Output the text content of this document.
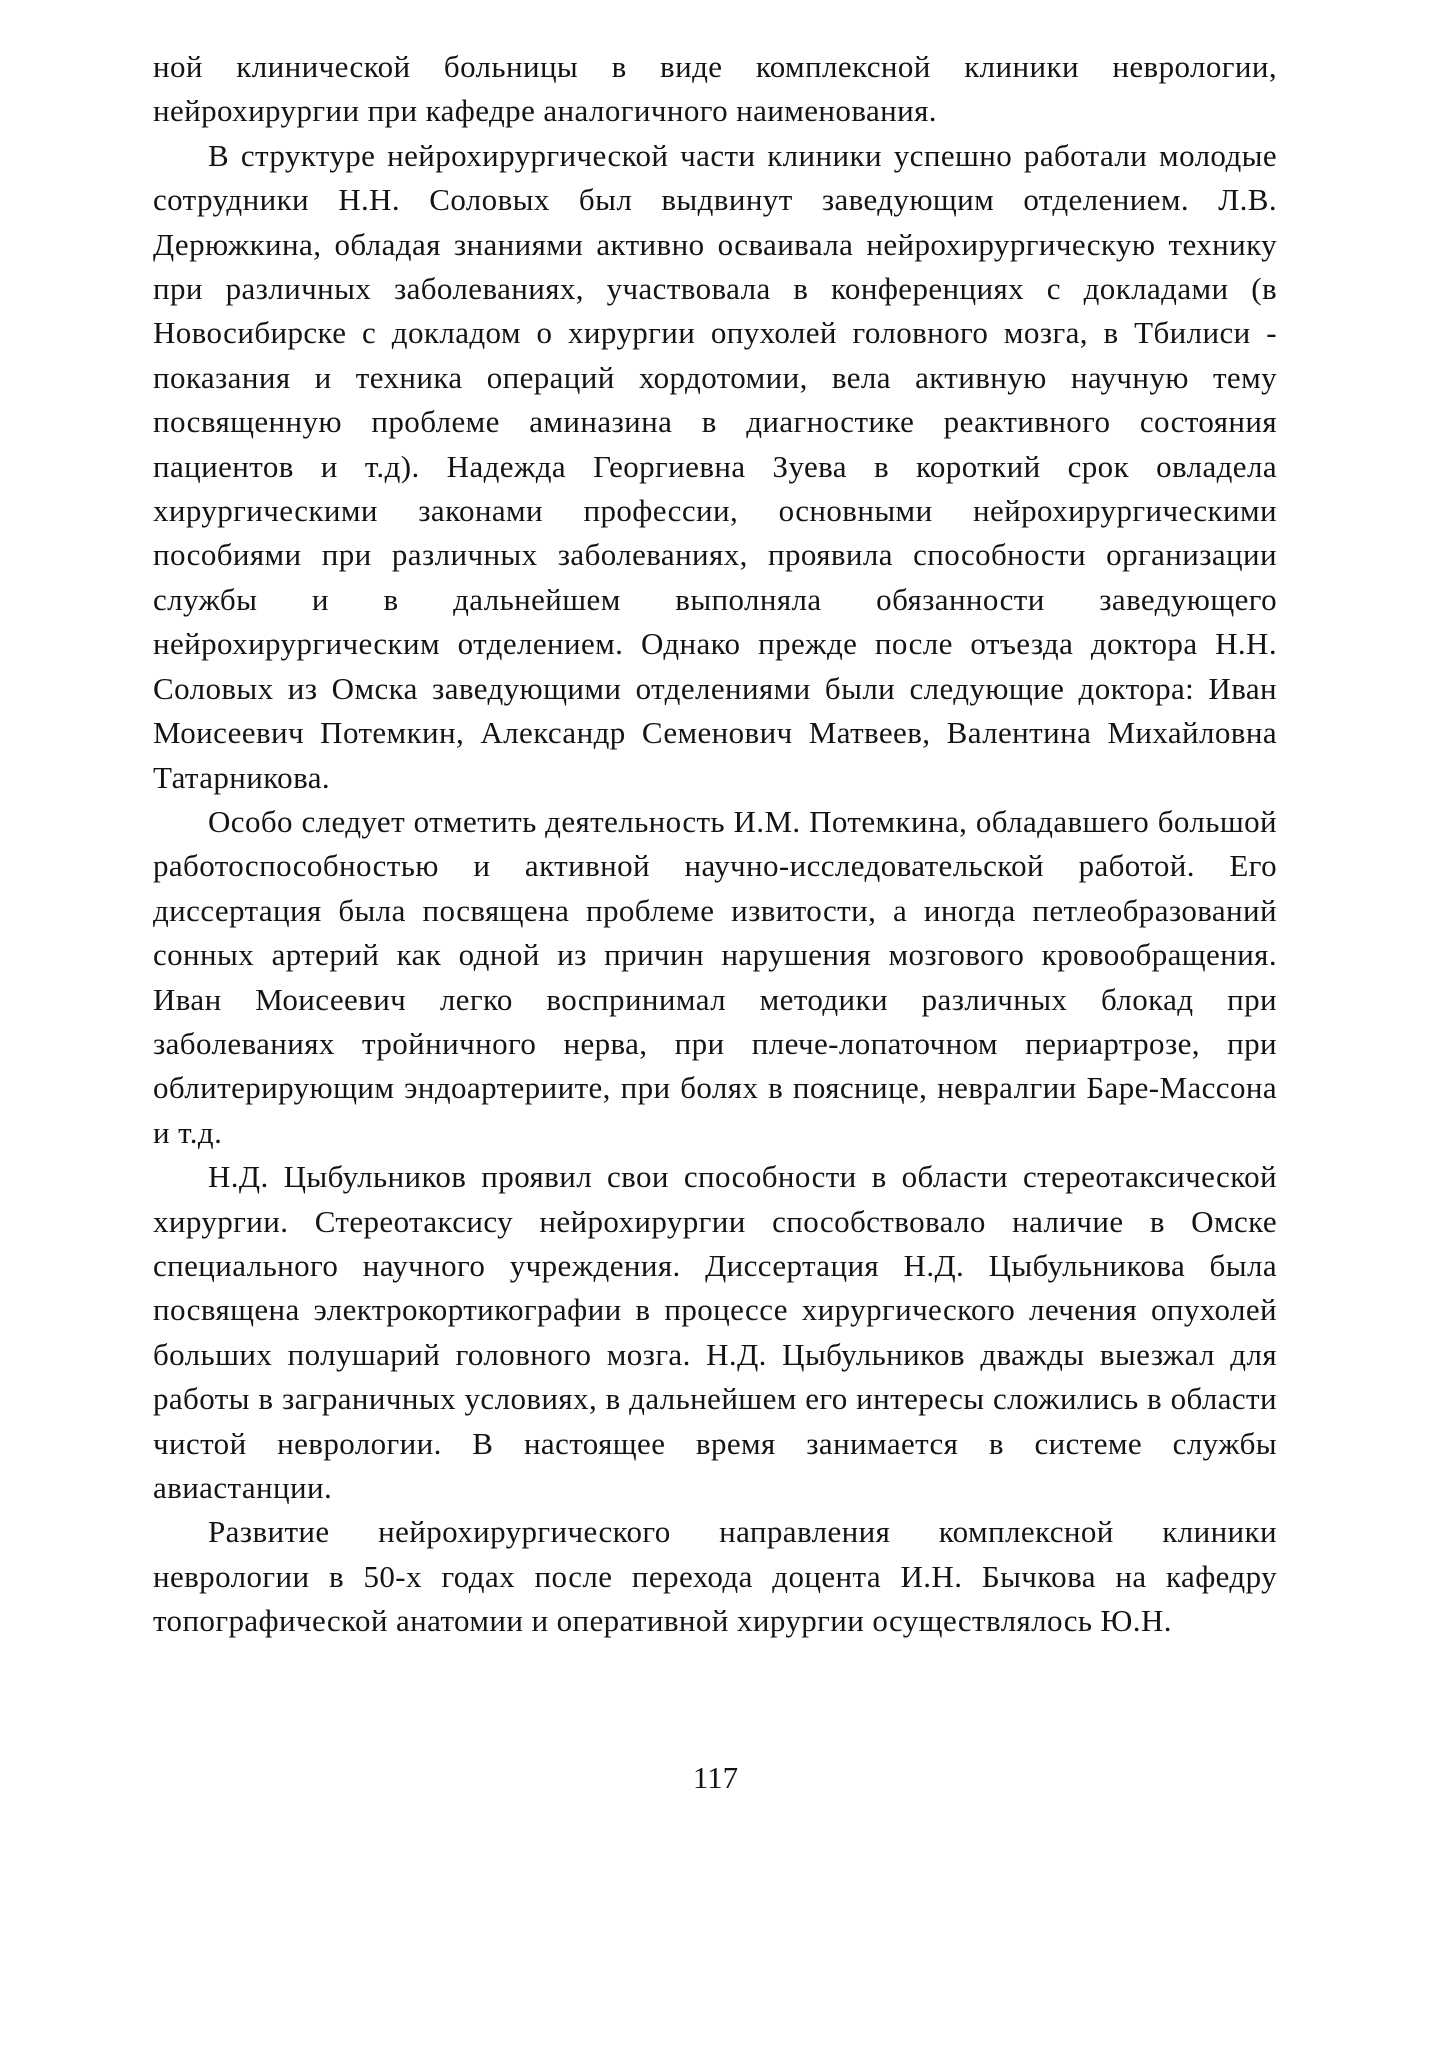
ной клинической больницы в виде комплексной клиники неврологии, нейрохирургии при кафедре аналогичного наименования.

В структуре нейрохирургической части клиники успешно работали молодые сотрудники Н.Н. Соловых был выдвинут заведующим отделением. Л.В. Дерюжкина, обладая знаниями активно осваивала нейрохирургическую технику при различных заболеваниях, участвовала в конференциях с докладами (в Новосибирске с докладом о хирургии опухолей головного мозга, в Тбилиси - показания и техника операций хордотомии, вела активную научную тему посвященную проблеме аминазина в диагностике реактивного состояния пациентов и т.д). Надежда Георгиевна Зуева в короткий срок овладела хирургическими законами профессии, основными нейрохирургическими пособиями при различных заболеваниях, проявила способности организации службы и в дальнейшем выполняла обязанности заведующего нейрохирургическим отделением. Однако прежде после отъезда доктора Н.Н. Соловых из Омска заведующими отделениями были следующие доктора: Иван Моисеевич Потемкин, Александр Семенович Матвеев, Валентина Михайловна Татарникова.

Особо следует отметить деятельность И.М. Потемкина, обладавшего большой работоспособностью и активной научно-исследовательской работой. Его диссертация была посвящена проблеме извитости, а иногда петлеобразований сонных артерий как одной из причин нарушения мозгового кровообращения. Иван Моисеевич легко воспринимал методики различных блокад при заболеваниях тройничного нерва, при плече-лопаточном периартрозе, при облитерирующим эндоартериите, при болях в пояснице, невралгии Баре-Массона и т.д.

Н.Д. Цыбульников проявил свои способности в области стереотаксической хирургии. Стереотаксису нейрохирургии способствовало наличие в Омске специального научного учреждения. Диссертация Н.Д. Цыбульникова была посвящена электрокортикографии в процессе хирургического лечения опухолей больших полушарий головного мозга. Н.Д. Цыбульников дважды выезжал для работы в заграничных условиях, в дальнейшем его интересы сложились в области чистой неврологии. В настоящее время занимается в системе службы авиастанции.

Развитие нейрохирургического направления комплексной клиники неврологии в 50-х годах после перехода доцента И.Н. Бычкова на кафедру топографической анатомии и оперативной хирургии осуществлялось Ю.Н.

117
